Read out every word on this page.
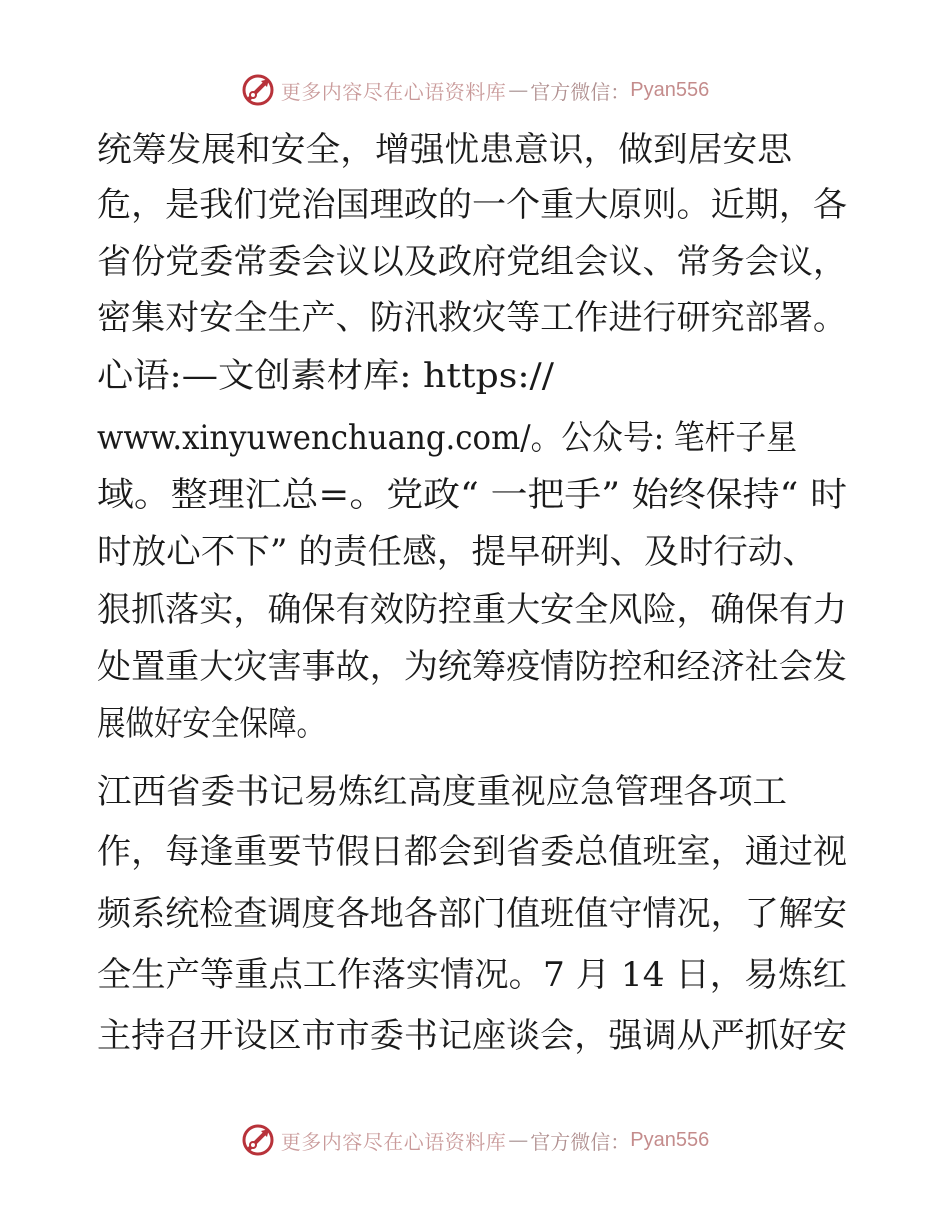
更多内容尽在心语资料库 — 官方微信： Pyan556
统筹发展和安全，增强忧患意识，做到居安思
危，是我们党治国理政的一个重大原则。近期，各
省份党委常委会议以及政府党组会议、常务会议，
密集对安全生产、防汛救灾等工作进行研究部署。
心语:—文创素材库: https://
www.xinyuwenchuang.com/。公众号: 笔杆子星
域。整理汇总=。党政“ 一把手” 始终保持“ 时
时放心不下” 的责任感，提早研判、及时行动、
狠抓落实，确保有效防控重大安全风险，确保有力
处置重大灾害事故，为统筹疫情防控和经济社会发
展做好安全保障。
江西省委书记易炼红高度重视应急管理各项工
作，每逢重要节假日都会到省委总值班室，通过视
频系统检查调度各地各部门值班值守情况，了解安
全生产等重点工作落实情况。7 月 14 日，易炼红
主持召开设区市市委书记座谈会，强调从严抓好安
更多内容尽在心语资料库 — 官方微信： Pyan556
